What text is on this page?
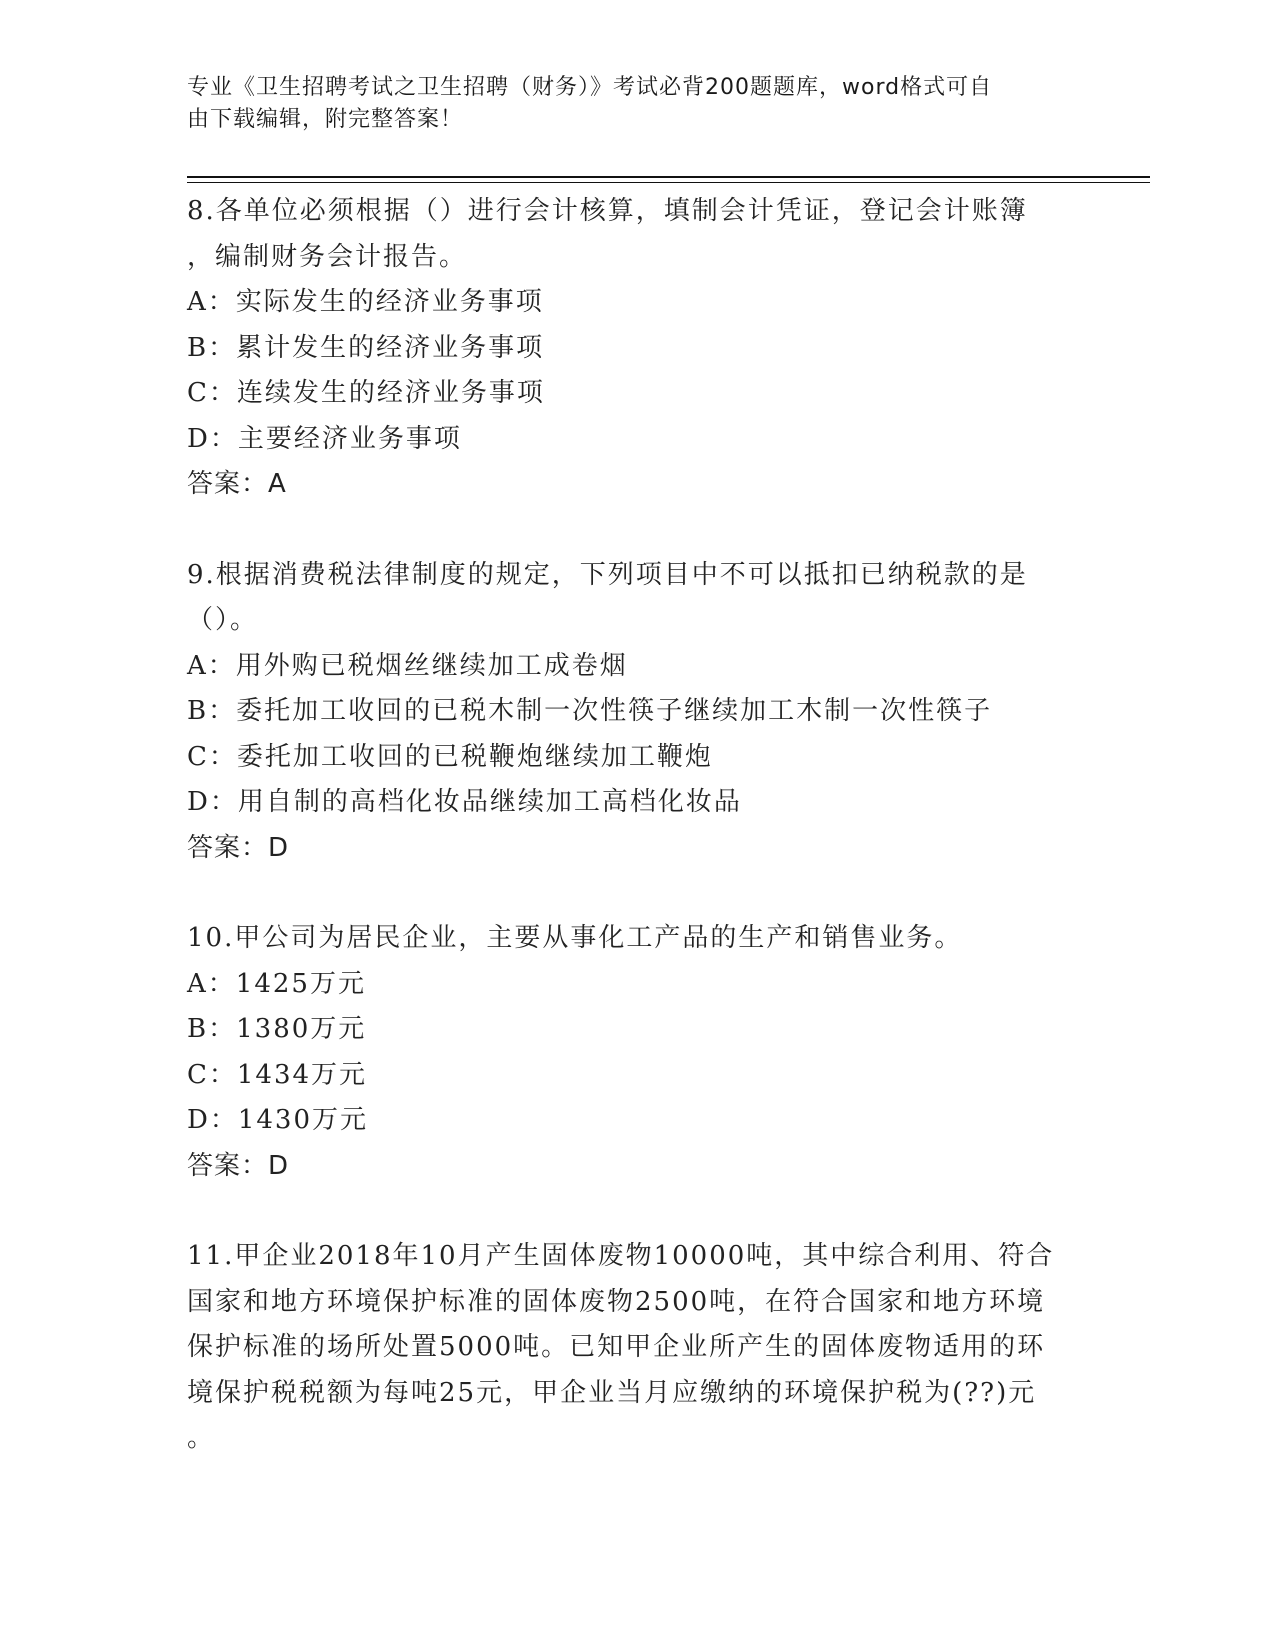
专业《卫生招聘考试之卫生招聘（财务）》考试必背200题题库，word格式可自
由下载编辑，附完整答案！
8.各单位必须根据（）进行会计核算，填制会计凭证，登记会计账簿
，编制财务会计报告。
A：实际发生的经济业务事项
B：累计发生的经济业务事项
C：连续发生的经济业务事项
D：主要经济业务事项
答案：A
9.根据消费税法律制度的规定，下列项目中不可以抵扣已纳税款的是
（）。
A：用外购已税烟丝继续加工成卷烟
B：委托加工收回的已税木制一次性筷子继续加工木制一次性筷子
C：委托加工收回的已税鞭炮继续加工鞭炮
D：用自制的高档化妆品继续加工高档化妆品
答案：D
10.甲公司为居民企业，主要从事化工产品的生产和销售业务。
A：1425万元
B：1380万元
C：1434万元
D：1430万元
答案：D
11.甲企业2018年10月产生固体废物10000吨，其中综合利用、符合
国家和地方环境保护标准的固体废物2500吨，在符合国家和地方环境
保护标准的场所处置5000吨。已知甲企业所产生的固体废物适用的环
境保护税税额为每吨25元，甲企业当月应缴纳的环境保护税为(??)元
。
